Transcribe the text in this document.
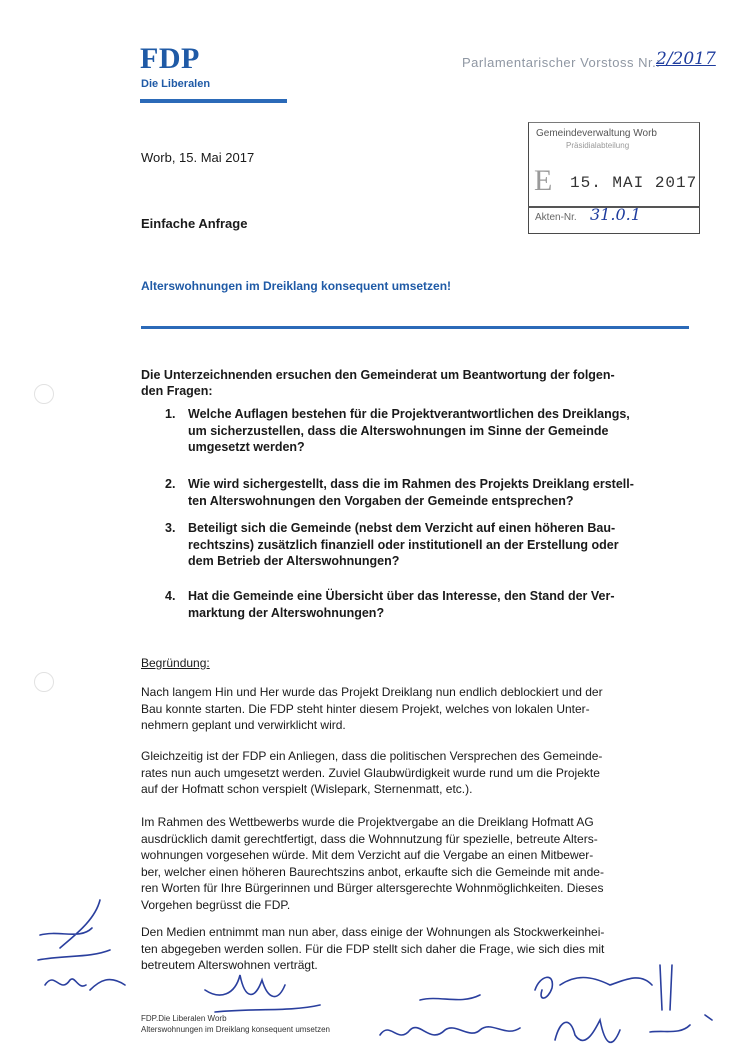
FDP
Die Liberalen
Parlamentarischer Vorstoss Nr.:
2/2017
Gemeindeverwaltung Worb
Präsidialabteilung
E 15. MAI 2017
Akten-Nr. 31.0.1
Worb, 15. Mai 2017
Einfache Anfrage
Alterswohnungen im Dreiklang konsequent umsetzen!
Die Unterzeichnenden ersuchen den Gemeinderat um Beantwortung der folgen-
den Fragen:
1. Welche Auflagen bestehen für die Projektverantwortlichen des Dreiklangs,
um sicherzustellen, dass die Alterswohnungen im Sinne der Gemeinde
umgesetzt werden?
2. Wie wird sichergestellt, dass die im Rahmen des Projekts Dreiklang erstell-
ten Alterswohnungen den Vorgaben der Gemeinde entsprechen?
3. Beteiligt sich die Gemeinde (nebst dem Verzicht auf einen höheren Bau-
rechtszins) zusätzlich finanziell oder institutionell an der Erstellung oder
dem Betrieb der Alterswohnungen?
4. Hat die Gemeinde eine Übersicht über das Interesse, den Stand der Ver-
marktung der Alterswohnungen?
Begründung:
Nach langem Hin und Her wurde das Projekt Dreiklang nun endlich deblockiert und der
Bau konnte starten. Die FDP steht hinter diesem Projekt, welches von lokalen Unter-
nehmern geplant und verwirklicht wird.
Gleichzeitig ist der FDP ein Anliegen, dass die politischen Versprechen des Gemeinde-
rates nun auch umgesetzt werden. Zuviel Glaubwürdigkeit wurde rund um die Projekte
auf der Hofmatt schon verspielt (Wislepark, Sternenmatt, etc.).
Im Rahmen des Wettbewerbs wurde die Projektvergabe an die Dreiklang Hofmatt AG
ausdrücklich damit gerechtfertigt, dass die Wohnnutzung für spezielle, betreute Alters-
wohnungen vorgesehen würde. Mit dem Verzicht auf die Vergabe an einen Mitbewer-
ber, welcher einen höheren Baurechtszins anbot, erkaufte sich die Gemeinde mit ande-
ren Worten für Ihre Bürgerinnen und Bürger altersgerechte Wohnmöglichkeiten. Dieses
Vorgehen begrüsst die FDP.
Den Medien entnimmt man nun aber, dass einige der Wohnungen als Stockwerkeinhei-
ten abgegeben werden sollen. Für die FDP stellt sich daher die Frage, wie sich dies mit
betreutem Alterswohnen verträgt.
FDP.Die Liberalen Worb
Alterswohnungen im Dreiklang konsequent umsetzen
